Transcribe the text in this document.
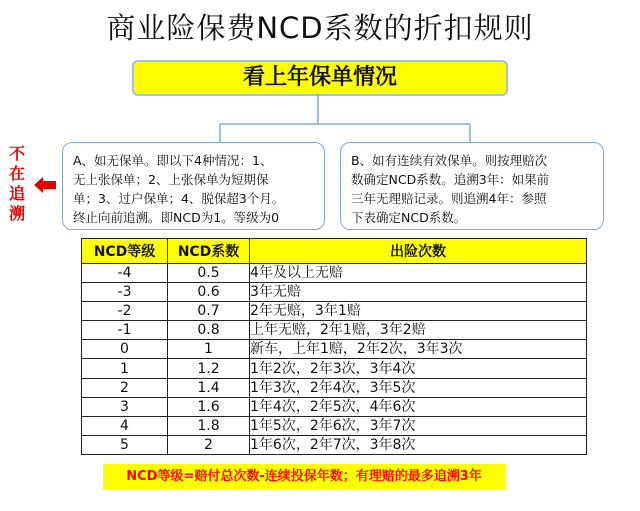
商业险保费NCD系数的折扣规则
看上年保单情况
不
在
追
溯
A、如无保单。即以下4种情况：1、
无上张保单；2、上张保单为短期保
单；3、过户保单；4、脱保超3个月。
终止向前追溯。即NCD为1。等级为0
B、如有连续有效保单。则按理赔次
数确定NCD系数。追溯3年：如果前
三年无理赔记录。则追溯4年：参照
下表确定NCD系数。
NCD等级	NCD系数	出险次数
-4	0.5	4年及以上无赔
-3	0.6	3年无赔
-2	0.7	2年无赔，3年1赔
-1	0.8	上年无赔，2年1赔，3年2赔
0	1	新车，上年1赔，2年2次，3年3次
1	1.2	1年2次，2年3次，3年4次
2	1.4	1年3次，2年4次，3年5次
3	1.6	1年4次，2年5次，4年6次
4	1.8	1年5次，2年6次，3年7次
5	2	1年6次，2年7次，3年8次
NCD等级=赔付总次数-连续投保年数；有理赔的最多追溯3年
